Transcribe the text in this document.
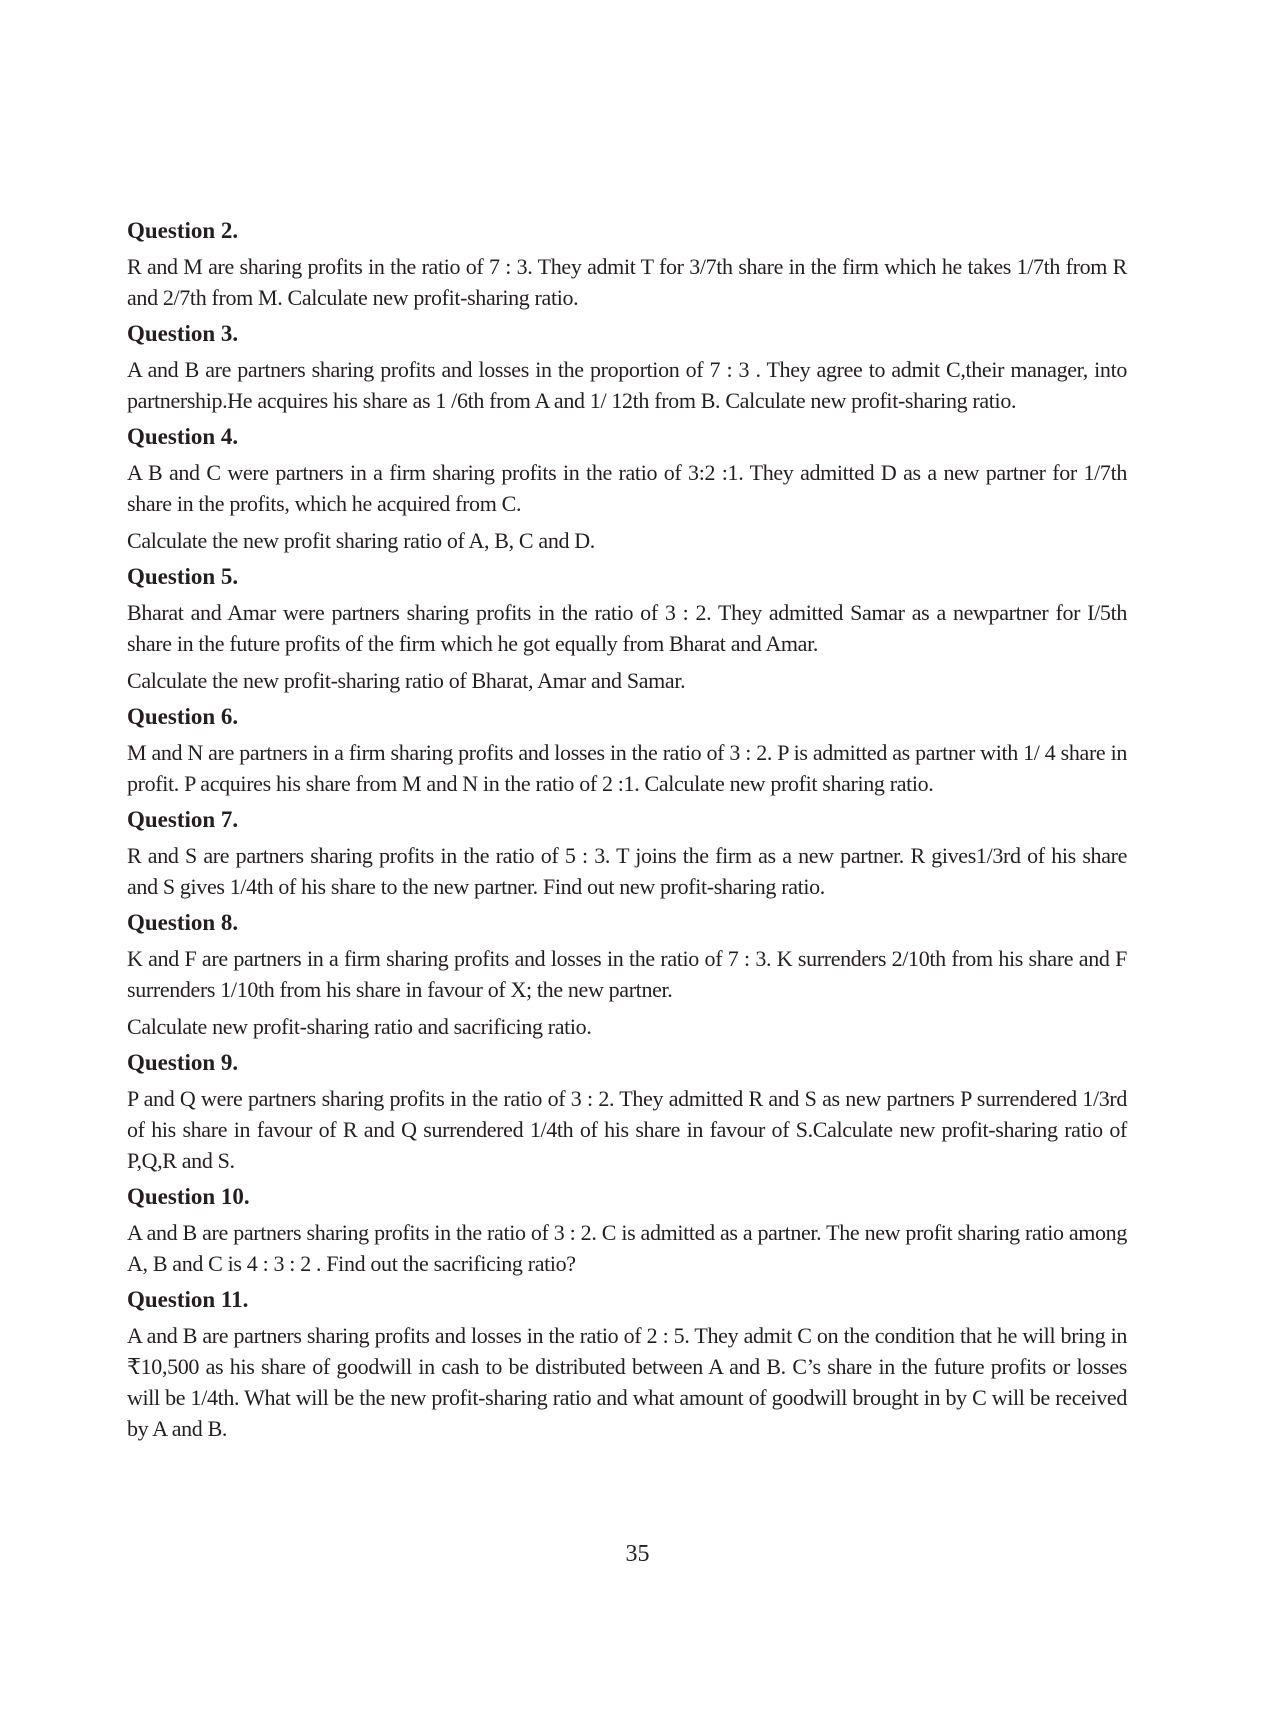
Question 2.

R and M are sharing profits in the ratio of 7 : 3. They admit T for 3/7th share in the firm which he takes 1/7th from R and 2/7th from M. Calculate new profit-sharing ratio.

Question 3.

A and B are partners sharing profits and losses in the proportion of 7 : 3 . They agree to admit C,their manager, into partnership.He acquires his share as 1 /6th from A and 1/ 12th from B. Calculate new profit-sharing ratio.

Question 4.

A B and C were partners in a firm sharing profits in the ratio of 3:2 :1. They admitted D as a new partner for 1/7th share in the profits, which he acquired from C.

Calculate the new profit sharing ratio of A, B, C and D.

Question 5.

Bharat and Amar were partners sharing profits in the ratio of 3 : 2. They admitted Samar as a newpartner for I/5th share in the future profits of the firm which he got equally from Bharat and Amar.

Calculate the new profit-sharing ratio of Bharat, Amar and Samar.

Question 6.

M and N are partners in a firm sharing profits and losses in the ratio of 3 : 2. P is admitted as partner with 1/ 4 share in profit. P acquires his share from M and N in the ratio of 2 :1. Calculate new profit sharing ratio.

Question 7.

R and S are partners sharing profits in the ratio of 5 : 3. T joins the firm as a new partner. R gives1/3rd of his share and S gives 1/4th of his share to the new partner. Find out new profit-sharing ratio.

Question 8.

K and F are partners in a firm sharing profits and losses in the ratio of 7 : 3. K surrenders 2/10th from his share and F surrenders 1/10th from his share in favour of X; the new partner.

Calculate new profit-sharing ratio and sacrificing ratio.

Question 9.

P and Q were partners sharing profits in the ratio of 3 : 2. They admitted R and S as new partners P surrendered 1/3rd of his share in favour of R and Q surrendered 1/4th of his share in favour of S.Calculate new profit-sharing ratio of P,Q,R and S.

Question 10.

A and B are partners sharing profits in the ratio of 3 : 2. C is admitted as a partner. The new profit sharing ratio among A, B and C is 4 : 3 : 2 . Find out the sacrificing ratio?

Question 11.

A and B are partners sharing profits and losses in the ratio of 2 : 5. They admit C on the condition that he will bring in ₹10,500 as his share of goodwill in cash to be distributed between A and B. C’s share in the future profits or losses will be 1/4th. What will be the new profit-sharing ratio and what amount of goodwill brought in by C will be received by A and B.

35
